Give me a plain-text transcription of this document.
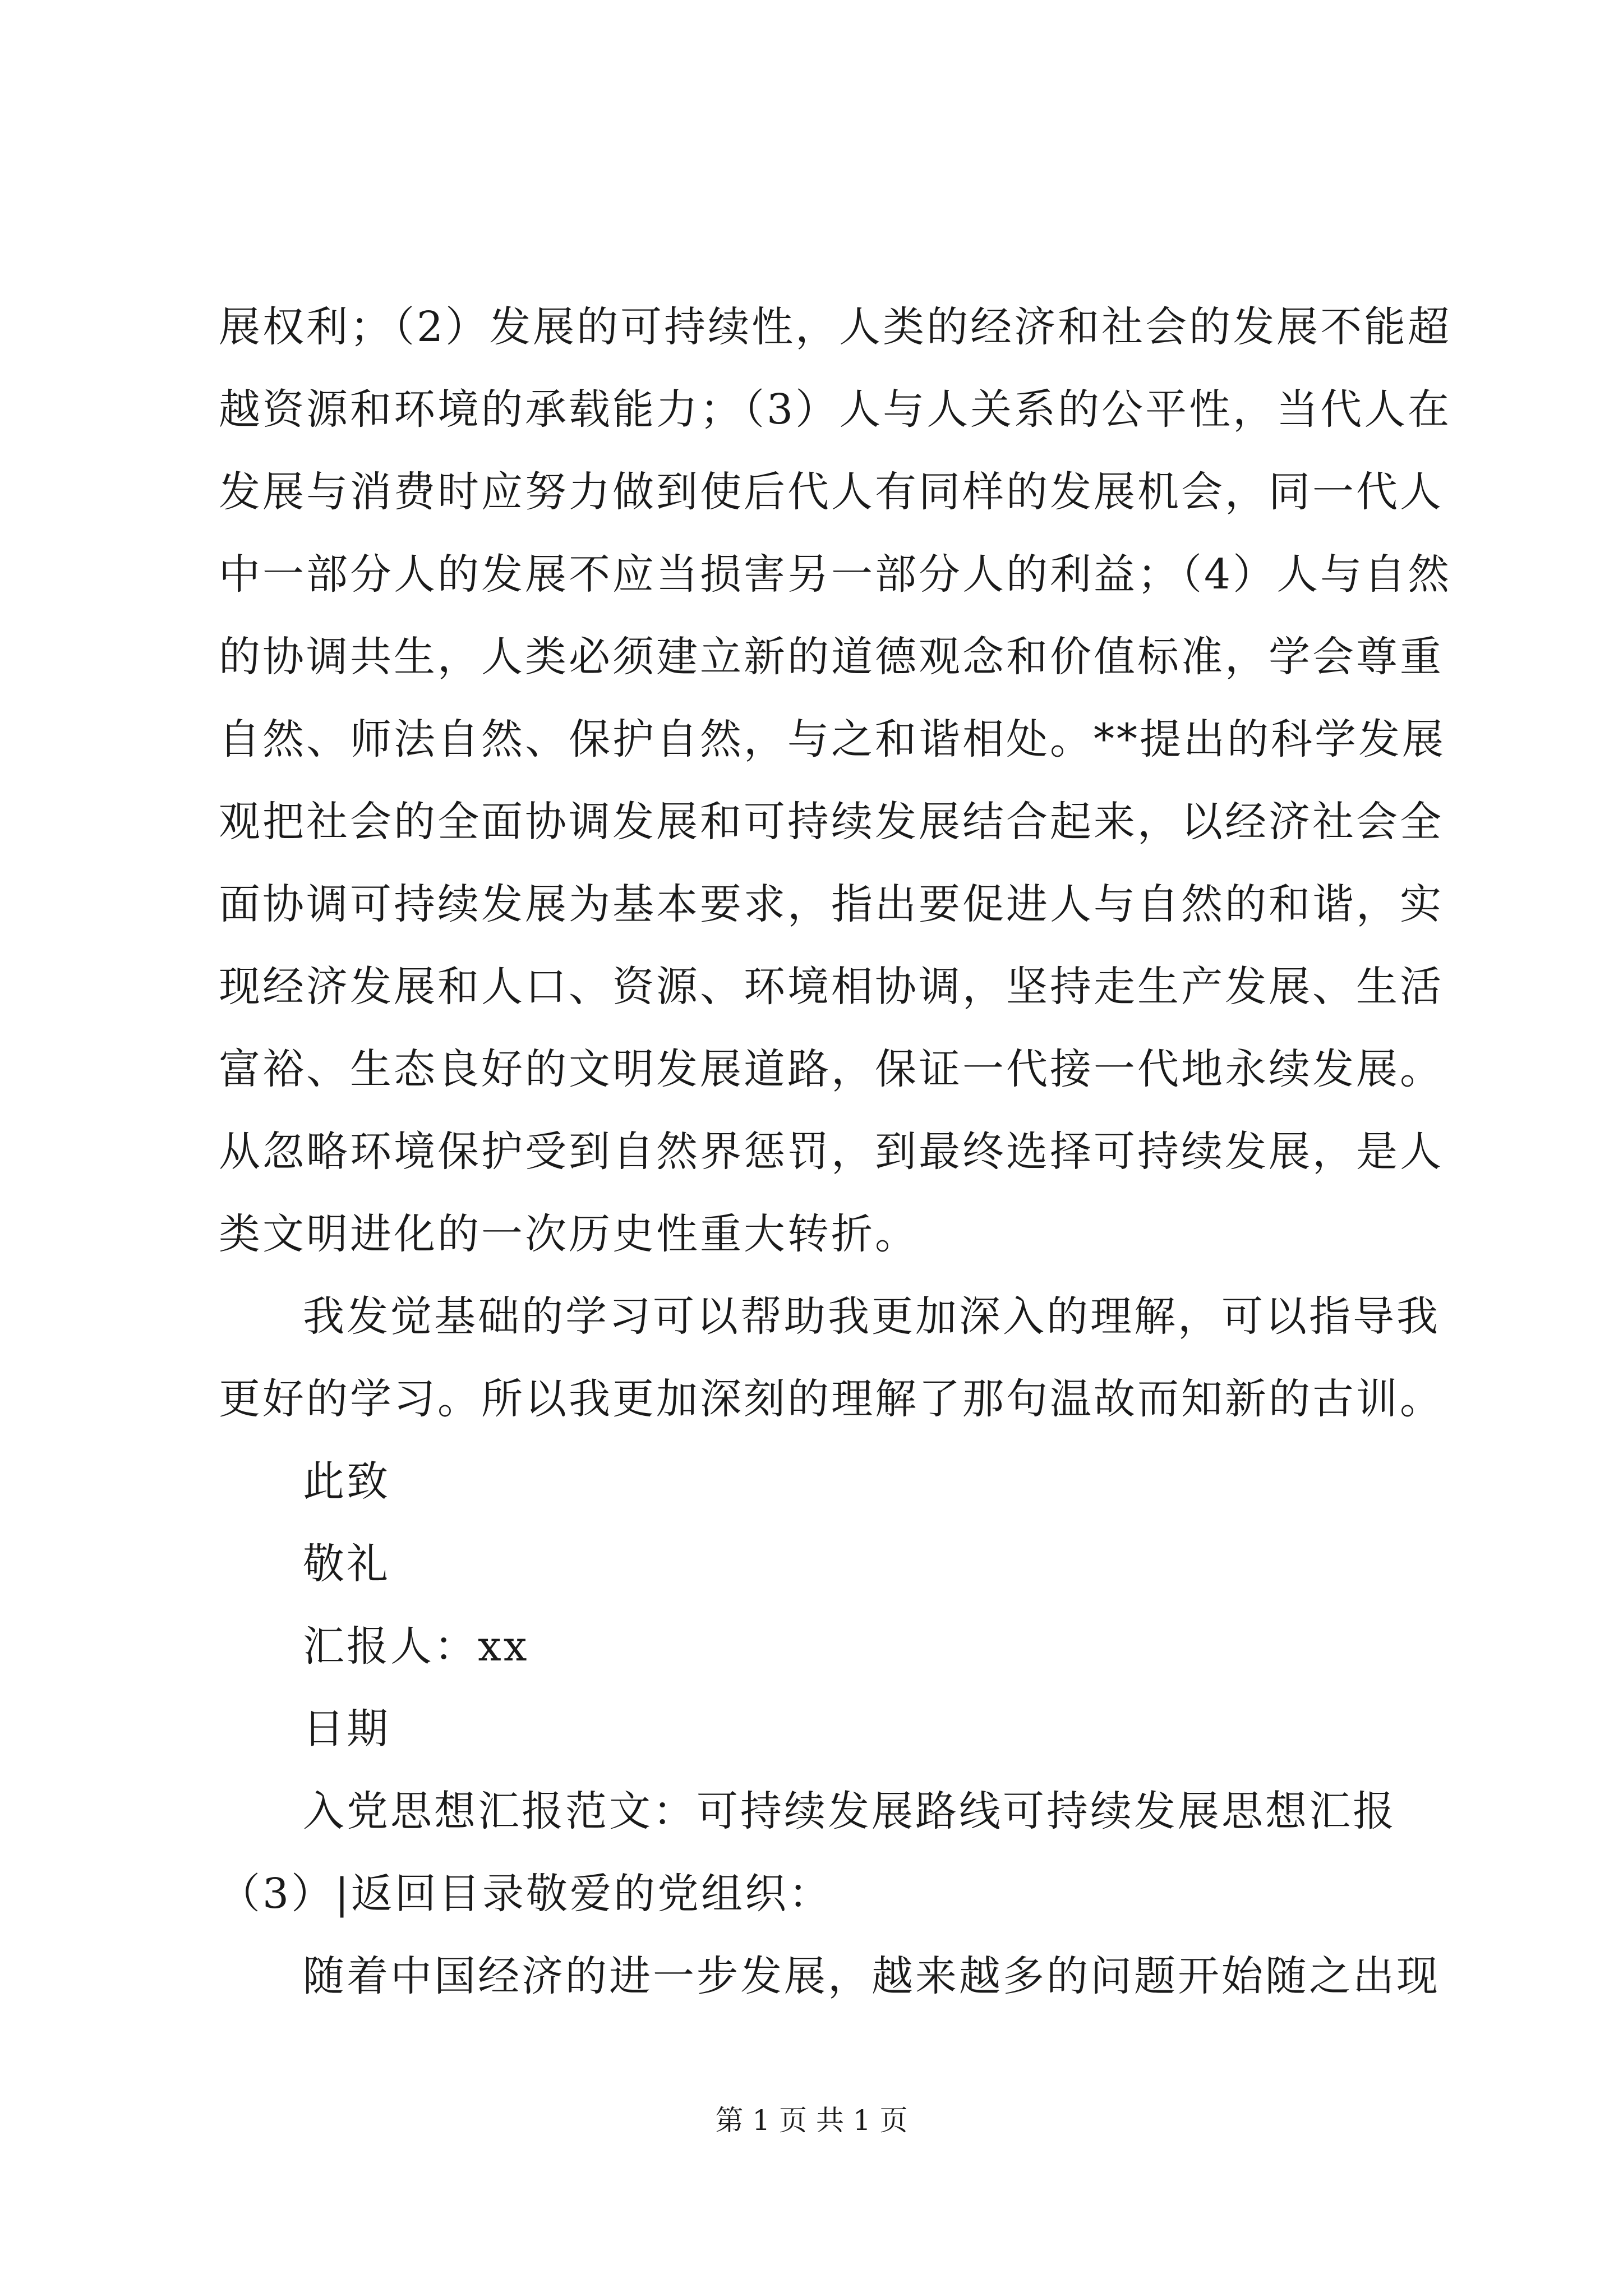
展权利；（2）发展的可持续性，人类的经济和社会的发展不能超
越资源和环境的承载能力；（3）人与人关系的公平性，当代人在
发展与消费时应努力做到使后代人有同样的发展机会，同一代人
中一部分人的发展不应当损害另一部分人的利益；（4）人与自然
的协调共生，人类必须建立新的道德观念和价值标准，学会尊重
自然、师法自然、保护自然，与之和谐相处。**提出的科学发展
观把社会的全面协调发展和可持续发展结合起来，以经济社会全
面协调可持续发展为基本要求，指出要促进人与自然的和谐，实
现经济发展和人口、资源、环境相协调，坚持走生产发展、生活
富裕、生态良好的文明发展道路，保证一代接一代地永续发展。
从忽略环境保护受到自然界惩罚，到最终选择可持续发展，是人
类文明进化的一次历史性重大转折。
我发觉基础的学习可以帮助我更加深入的理解，可以指导我
更好的学习。所以我更加深刻的理解了那句温故而知新的古训。
此致
敬礼
汇报人：xx
日期
入党思想汇报范文：可持续发展路线可持续发展思想汇报
（3）|返回目录敬爱的党组织：
随着中国经济的进一步发展，越来越多的问题开始随之出现
第 1 页 共 1 页
